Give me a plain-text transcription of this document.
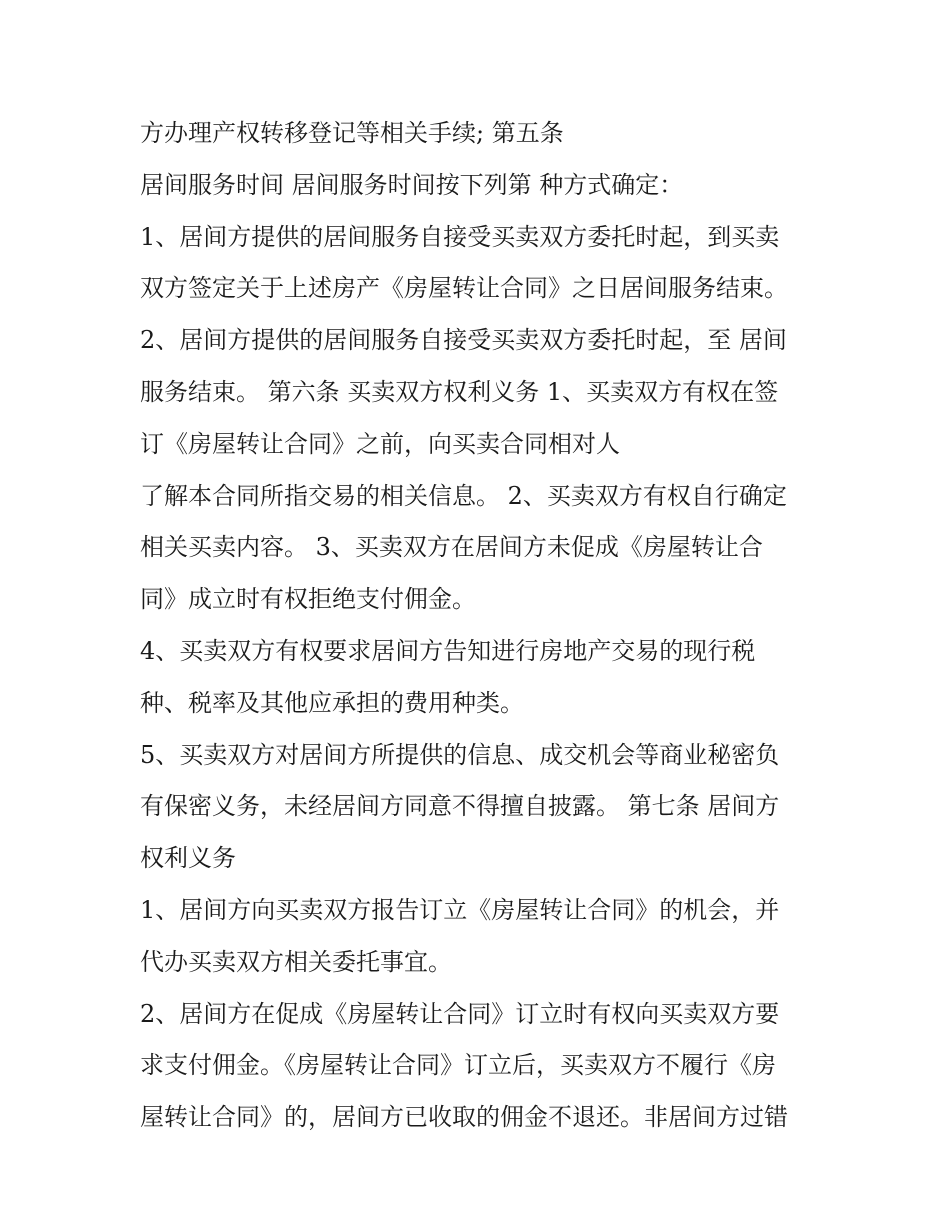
方办理产权转移登记等相关手续; 第五条

居间服务时间 居间服务时间按下列第 种方式确定：

1、居间方提供的居间服务自接受买卖双方委托时起，到买卖

双方签定关于上述房产《房屋转让合同》之日居间服务结束。

2、居间方提供的居间服务自接受买卖双方委托时起，至 居间

服务结束。 第六条 买卖双方权利义务 1、买卖双方有权在签

订《房屋转让合同》之前，向买卖合同相对人

了解本合同所指交易的相关信息。 2、买卖双方有权自行确定

相关买卖内容。 3、买卖双方在居间方未促成《房屋转让合

同》成立时有权拒绝支付佣金。

4、买卖双方有权要求居间方告知进行房地产交易的现行税

种、税率及其他应承担的费用种类。

5、买卖双方对居间方所提供的信息、成交机会等商业秘密负

有保密义务，未经居间方同意不得擅自披露。 第七条 居间方

权利义务

1、居间方向买卖双方报告订立《房屋转让合同》的机会，并

代办买卖双方相关委托事宜。

2、居间方在促成《房屋转让合同》订立时有权向买卖双方要

求支付佣金。《房屋转让合同》订立后，买卖双方不履行《房

屋转让合同》的，居间方已收取的佣金不退还。非居间方过错
